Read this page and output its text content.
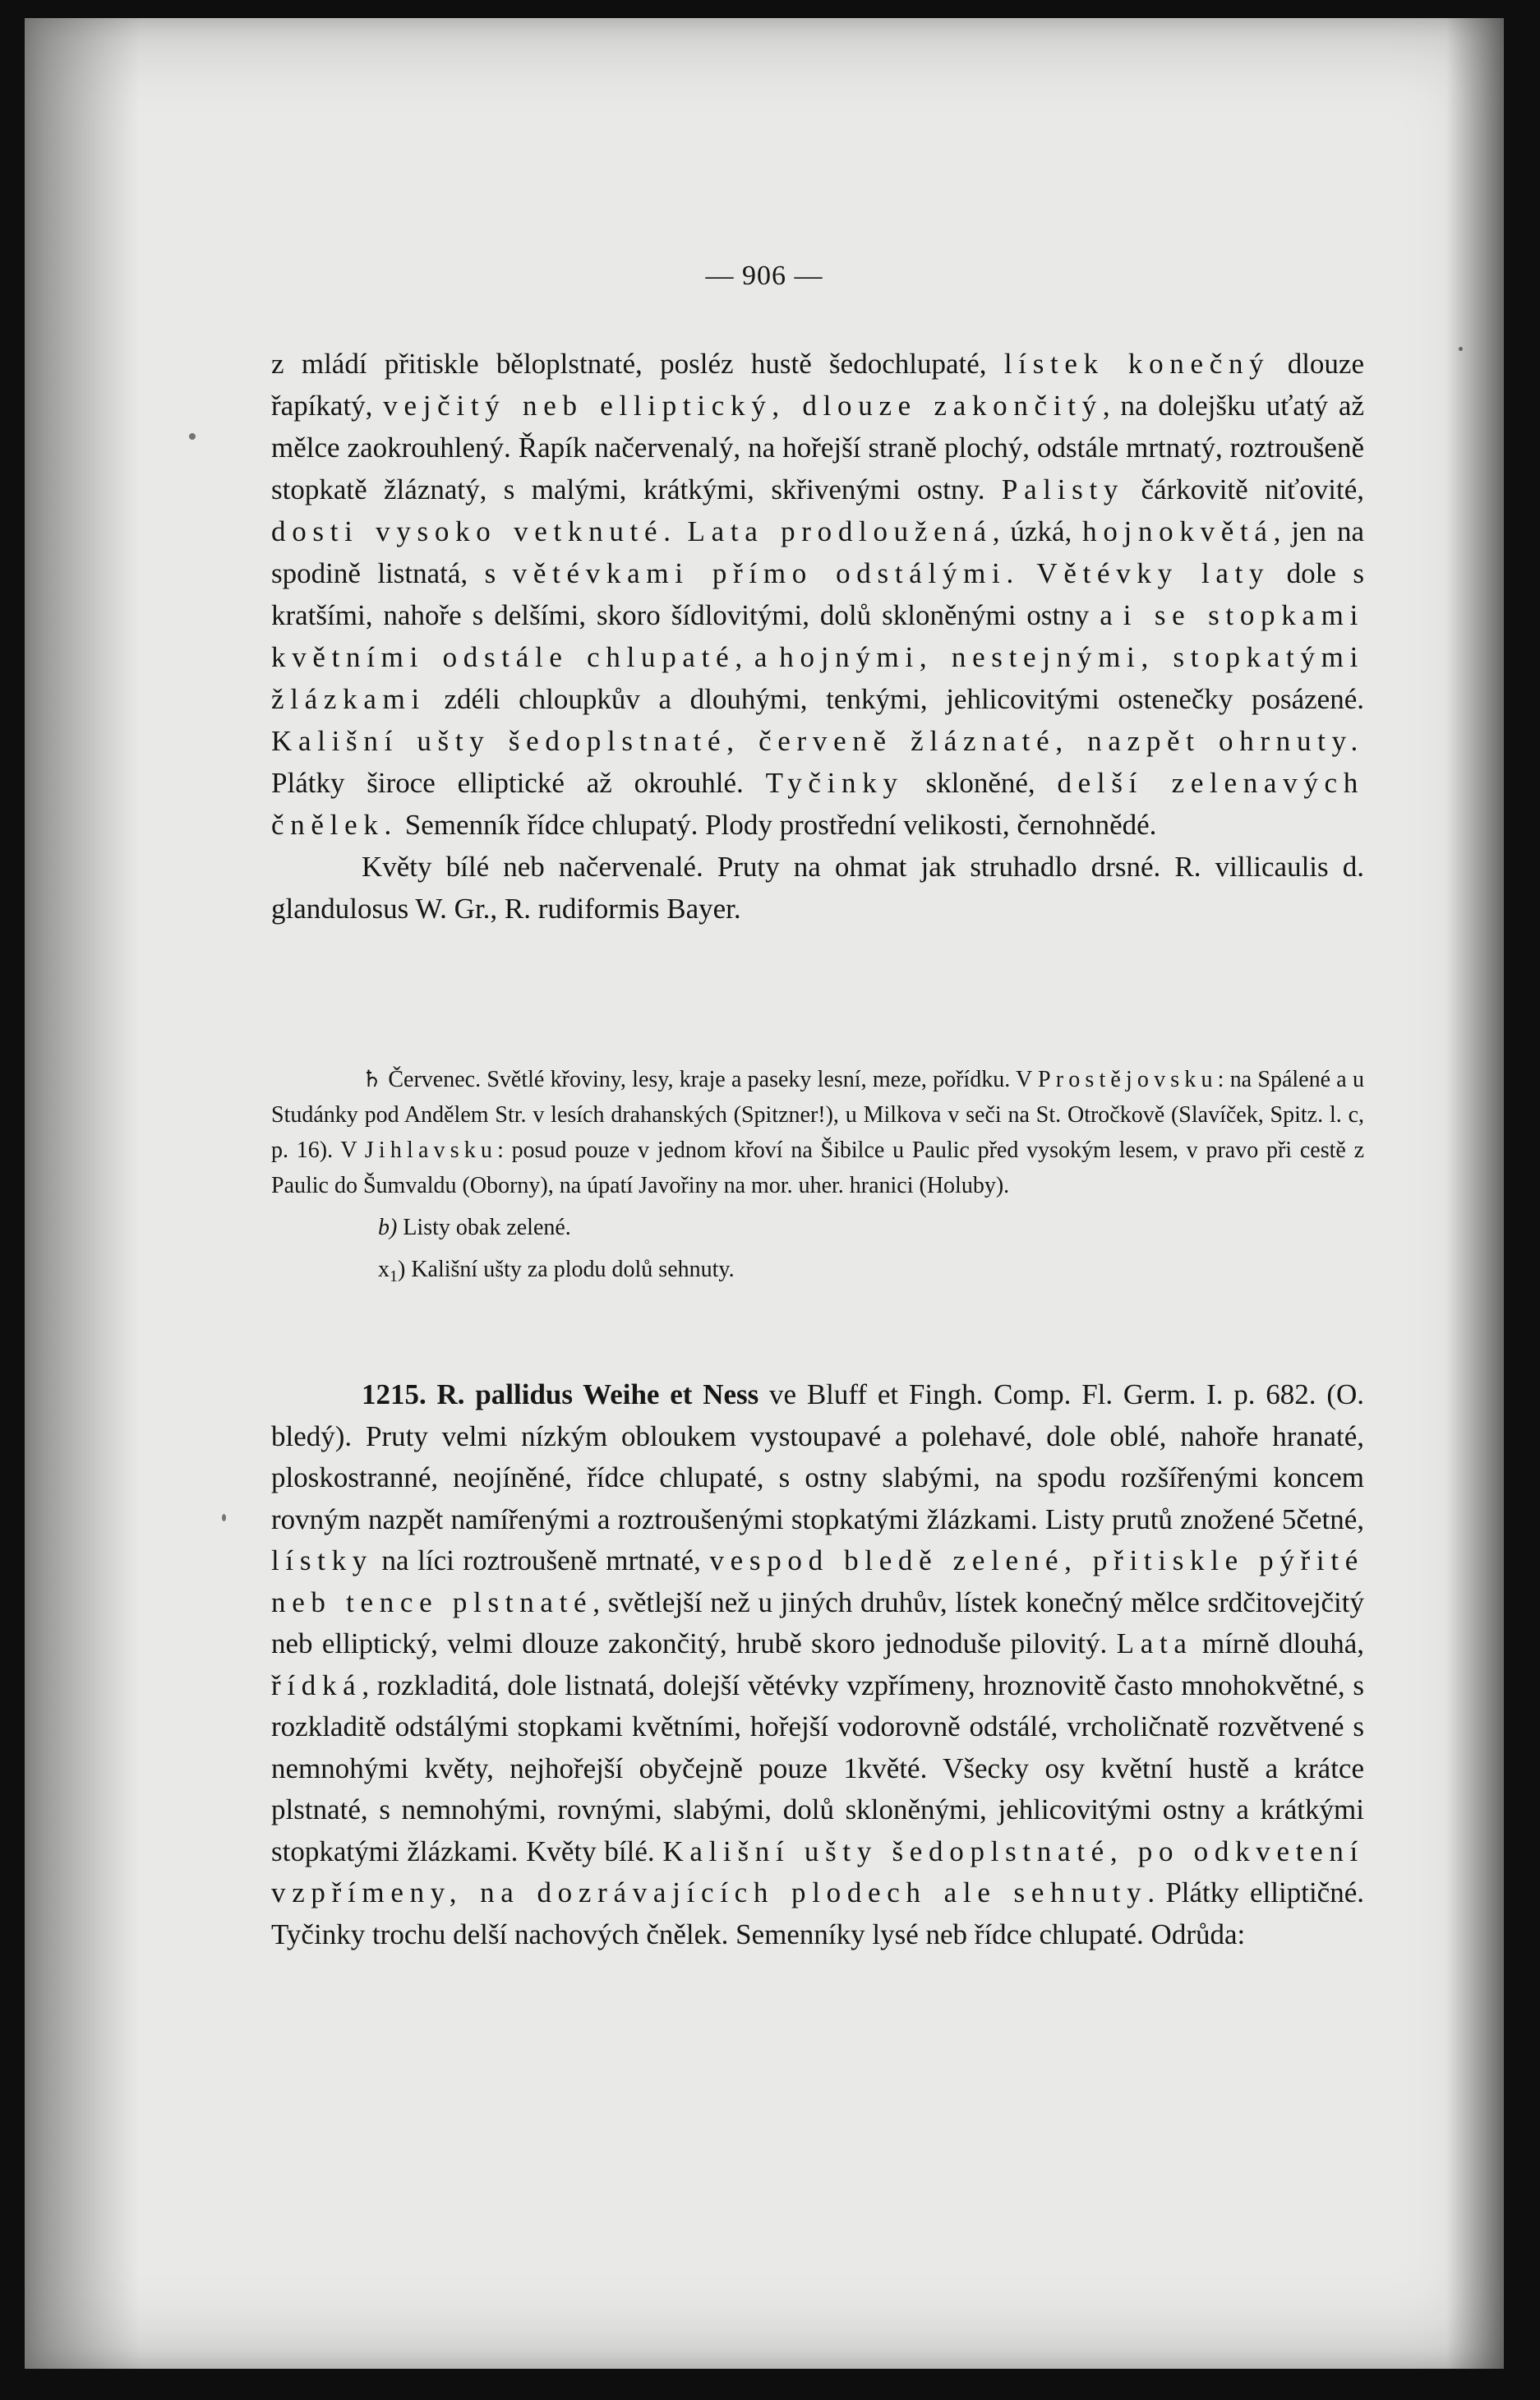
— 906 —

z mládí přitiskle běloplstnaté, posléz hustě šedochlupaté, lístek konečný dlouze řapíkatý, vejčitý neb elliptický, dlouze zakončitý, na dolejšku uťatý až mělce zaokrouhlený. Řapík načervenalý, na hořejší straně plochý, odstále mrtnatý, roztroušeně stopkatě žláznatý, s malými, krátkými, skřivenými ostny. Palisty čárkovitě niťovité, dosti vysoko vetknuté. Lata prodloužená, úzká, hojnokvětá, jen na spodině listnatá, s větévkami přímo odstálými. Větévky laty dole s kratšími, nahoře s delšími, skoro šídlovitými, dolů skloněnými ostny a i se stopkami květními odstále chlupaté, a hojnými, nestejnými, stopkatými žlázkami zdéli chloupkův a dlouhými, tenkými, jehlicovitými ostenečky posázené. Kališní ušty šedoplstnaté, červeně žláznaté, nazpět ohrnuty. Plátky široce elliptické až okrouhlé. Tyčinky skloněné, delší zelenavých čnělek. Semenník řídce chlupatý. Plody prostřední velikosti, černohnědé.

Květy bílé neb načervenalé. Pruty na ohmat jak struhadlo drsné. R. villicaulis d. glandulosus W. Gr., R. rudiformis Bayer.

♄ Červenec. Světlé křoviny, lesy, kraje a paseky lesní, meze, pořídku. V Prostějovsku: na Spálené a u Studánky pod Andělem Str. v lesích drahanských (Spitzner!), u Milkova v seči na St. Otročkově (Slavíček, Spitz. l. c, p. 16). V Jihlavsku: posud pouze v jednom křoví na Šibilce u Paulic před vysokým lesem, v pravo při cestě z Paulic do Šumvaldu (Oborny), na úpatí Javořiny na mor. uher. hranici (Holuby).

b) Listy obak zelené.

$x_1$) Kališní ušty za plodu dolů sehnuty.

1215. R. pallidus Weihe et Ness ve Bluff et Fingh. Comp. Fl. Germ. I. p. 682. (O. bledý). Pruty velmi nízkým obloukem vystoupavé a polehavé, dole oblé, nahoře hranaté, ploskostranné, neojíněné, řídce chlupaté, s ostny slabými, na spodu rozšířenými koncem rovným nazpět namířenými a roztroušenými stopkatými žlázkami. Listy prutů znožené 5četné, lístky na líci roztroušeně mrtnaté, vespod bledě zelené, přitiskle pýřité neb tence plstnaté, světlejší než u jiných druhův, lístek konečný mělce srdčitovejčitý neb elliptický, velmi dlouze zakončitý, hrubě skoro jednoduše pilovitý. Lata mírně dlouhá, řídká, rozkladitá, dole listnatá, dolejší větévky vzpřímeny, hroznovitě často mnohokvětné, s rozkladitě odstálými stopkami květními, hořejší vodorovně odstálé, vrcholičnatě rozvětvené s nemnohými květy, nejhořejší obyčejně pouze 1květé. Všecky osy květní hustě a krátce plstnaté, s nemnohými, rovnými, slabými, dolů skloněnými, jehlicovitými ostny a krátkými stopkatými žlázkami. Květy bílé. Kališní ušty šedoplstnaté, po odkvetení vzpřímeny, na dozrávajících plodech ale sehnuty. Plátky elliptičné. Tyčinky trochu delší nachových čnělek. Semenníky lysé neb řídce chlupaté. Odrůda:
